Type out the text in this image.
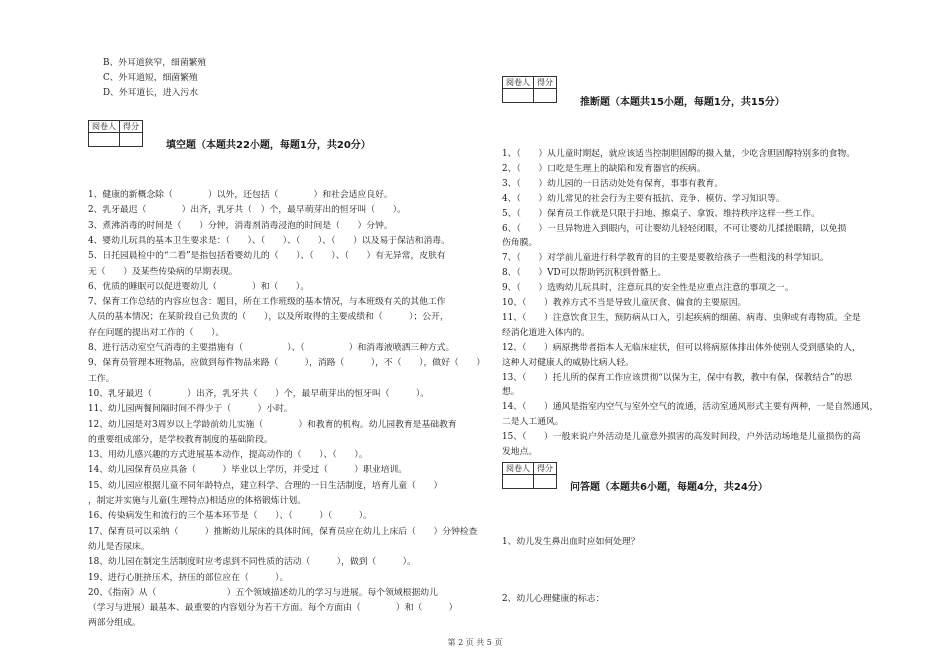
B、外耳道狭窄，细菌繁殖
C、外耳道短，细菌繁殖
D、外耳道长，进入污水
阅卷人	得分

填空题（本题共22小题，每题1分，共20分）
1、健康的新概念除（　　　　）以外，还包括（　　　　）和社会适应良好。
2、乳牙最迟（　　　　）出齐，乳牙共（　）个，最早萌芽出的恒牙叫（　　）。
3、煮沸消毒的时间是（　　）分钟，消毒剂消毒浸泡的时间是（　　）分钟。
4、婴幼儿玩具的基本卫生要求是：（　　）、（　　）、（　　）、（　　）以及易于保洁和消毒。
5、日托园晨检中的“二看”是指包括看婴幼儿的（　　）、（　　）、（　　）有无异常，皮肤有
无（　　）及某些传染病的早期表现。
6、优质的睡眠可以促进婴幼儿（　　　　）和（　　）。
7、保育工作总结的内容应包含：题目，所在工作班级的基本情况，与本班级有关的其他工作
人员的基本情况；在某阶段自己负责的（　　），以及所取得的主要成绩和（　　　）；公开，
存在问题的提出对工作的（　　）。
8、进行活动室空气消毒的主要措施有（　　　　　）、（　　　　　）和消毒液喷洒三种方式。
9、保育员管理本班物品，应做到每件物品来路（　　　），消路（　　　），不（　　），做好（　　）
工作。
10、乳牙最迟（　　　　）出齐，乳牙共（　　）个，最早萌芽出的恒牙叫（　　　）。
11、幼儿园两餐间隔时间不得少于（　　　）小时。
12、幼儿园是对3周岁以上学龄前幼儿实施（　　　　）和教育的机构。幼儿园教育是基础教育
的重要组成部分，是学校教育制度的基础阶段。
13、用幼儿感兴趣的方式进展基本动作，提高动作的（　　）、（　　）。
14、幼儿园保育员应具备（　　　）毕业以上学历，并受过（　　　）职业培训。
15、幼儿园应根据儿童不同年龄特点，建立科学、合理的一日生活制度，培育儿童（　　）
，制定并实施与儿童(生理特点)相适应的体格锻炼计划。
16、传染病发生和流行的三个基本环节是（　　）、（　　　）（　　　）。
17、保育员可以采纳（　　　）推断幼儿尿床的具体时间，保育员应在幼儿上床后（　　）分钟检查
幼儿是否尿床。
18、幼儿园在制定生活制度时应考虑到不同性质的活动（　　　），做到（　　　）。
19、进行心脏挤压术，挤压的部位应在（　　　）。
20、《指南》从（　　　　　　　　）五个领域描述幼儿的学习与进展。每个领域根据幼儿
（学习与进展）最基本、最重要的内容划分为若干方面。每个方面由（　　　　）和（　　　）
两部分组成。
阅卷人	得分

推断题（本题共15小题，每题1分，共15分）
1、（　　）从儿童时期起，就应该适当控制胆固醇的摄入量，少吃含胆固醇特别多的食物。
2、（　　）口吃是生理上的缺陷和发育器官的疾病。
3、（　　）幼儿园的一日活动处处有保育，事事有教育。
4、（　　）幼儿常见的社会行为主要有抵抗、竞争、模仿、学习知识等。
5、（　　）保育员工作就是只限于扫地、擦桌子、拿饭、维持秩序这样一些工作。
6、（　　）一旦异物进入到眼内，可让婴幼儿轻轻闭眼，不可让婴幼儿揉搓眼睛，以免损
伤角膜。
7、（　　）对学前儿童进行科学教育的目的主要是要教给孩子一些粗浅的科学知识。
8、（　　）VD可以帮助钙沉积到骨骼上。
9、（　　）选购幼儿玩具时，注意玩具的安全性是应重点注意的事项之一。
10、（　　）教养方式不当是导致儿童厌食、偏食的主要原因。
11、（　　）注意饮食卫生，预防病从口入，引起疾病的细菌、病毒、虫卵或有毒物质。全是
经消化道进入体内的。
12、（　　）病原携带者指本人无临床症状，但可以将病原体排出体外使别人受到感染的人，
这种人对健康人的威胁比病人轻。
13、（　　）托儿所的保育工作应该贯彻“以保为主，保中有教，教中有保，保教结合”的思
想。
14、（　　）通风是指室内空气与室外空气的流通，活动室通风形式主要有两种，一是自然通风，
二是人工通风。
15、（　　）一般来说户外活动是儿童意外损害的高发时间段，户外活动场地是儿童损伤的高
发地点。
阅卷人	得分

问答题（本题共6小题，每题4分，共24分）
1、幼儿发生鼻出血时应如何处理？
2、幼儿心理健康的标志：
第 2 页 共 5 页
